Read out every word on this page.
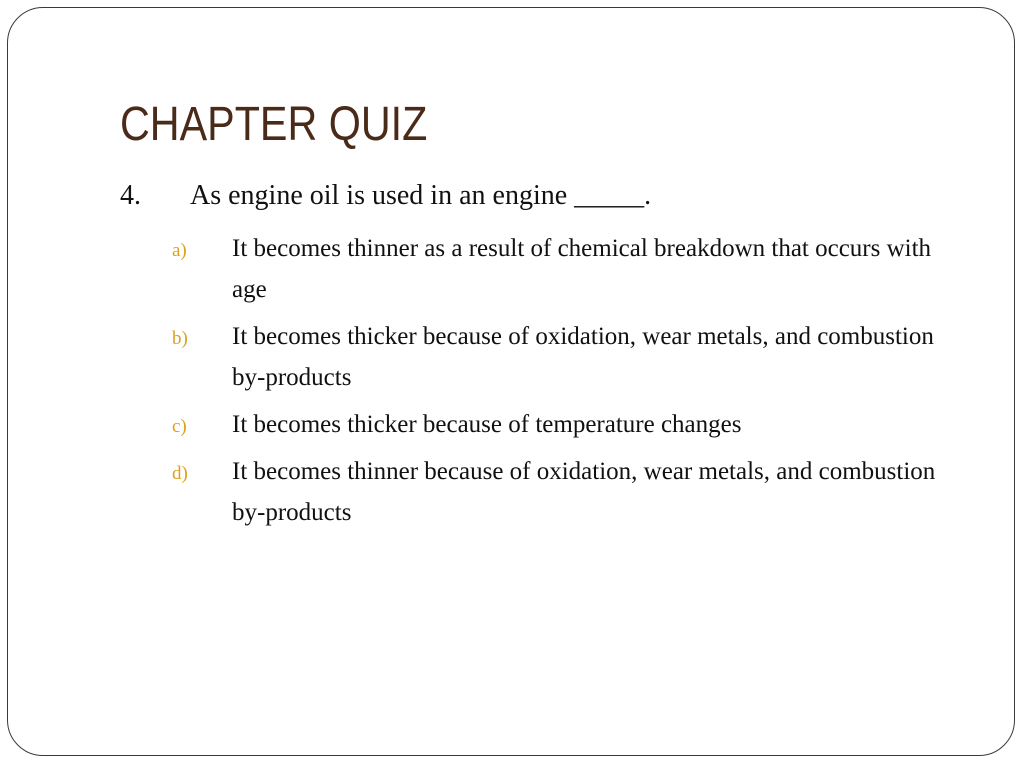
CHAPTER QUIZ
4. As engine oil is used in an engine _____.
a) It becomes thinner as a result of chemical breakdown that occurs with age
b) It becomes thicker because of oxidation, wear metals, and combustion by-products
c) It becomes thicker because of temperature changes
d) It becomes thinner because of oxidation, wear metals, and combustion by-products
